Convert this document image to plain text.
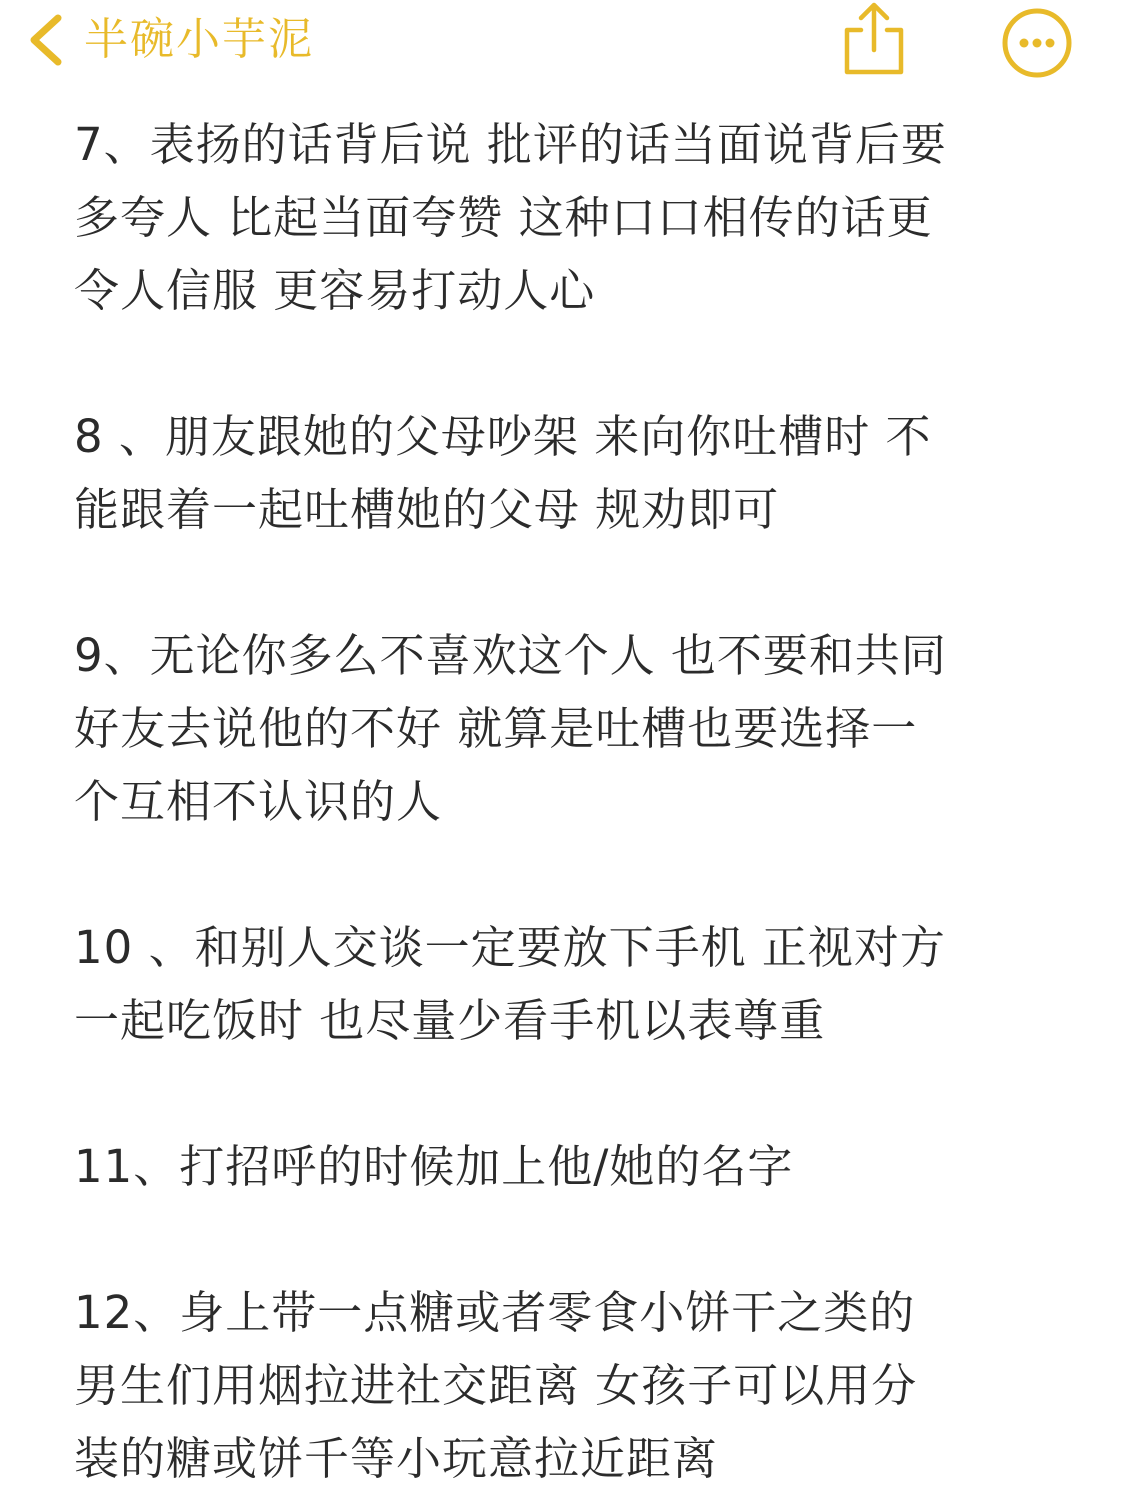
半碗小芋泥
7、表扬的话背后说 批评的话当面说背后要
多夸人 比起当面夸赞 这种口口相传的话更
令人信服 更容易打动人心
8 、朋友跟她的父母吵架 来向你吐槽时 不
能跟着一起吐槽她的父母 规劝即可
9、无论你多么不喜欢这个人 也不要和共同
好友去说他的不好 就算是吐槽也要选择一
个互相不认识的人
10 、和别人交谈一定要放下手机 正视对方
一起吃饭时 也尽量少看手机以表尊重
11、打招呼的时候加上他/她的名字
12、身上带一点糖或者零食小饼干之类的
男生们用烟拉进社交距离 女孩子可以用分
装的糖或饼千等小玩意拉近距离
